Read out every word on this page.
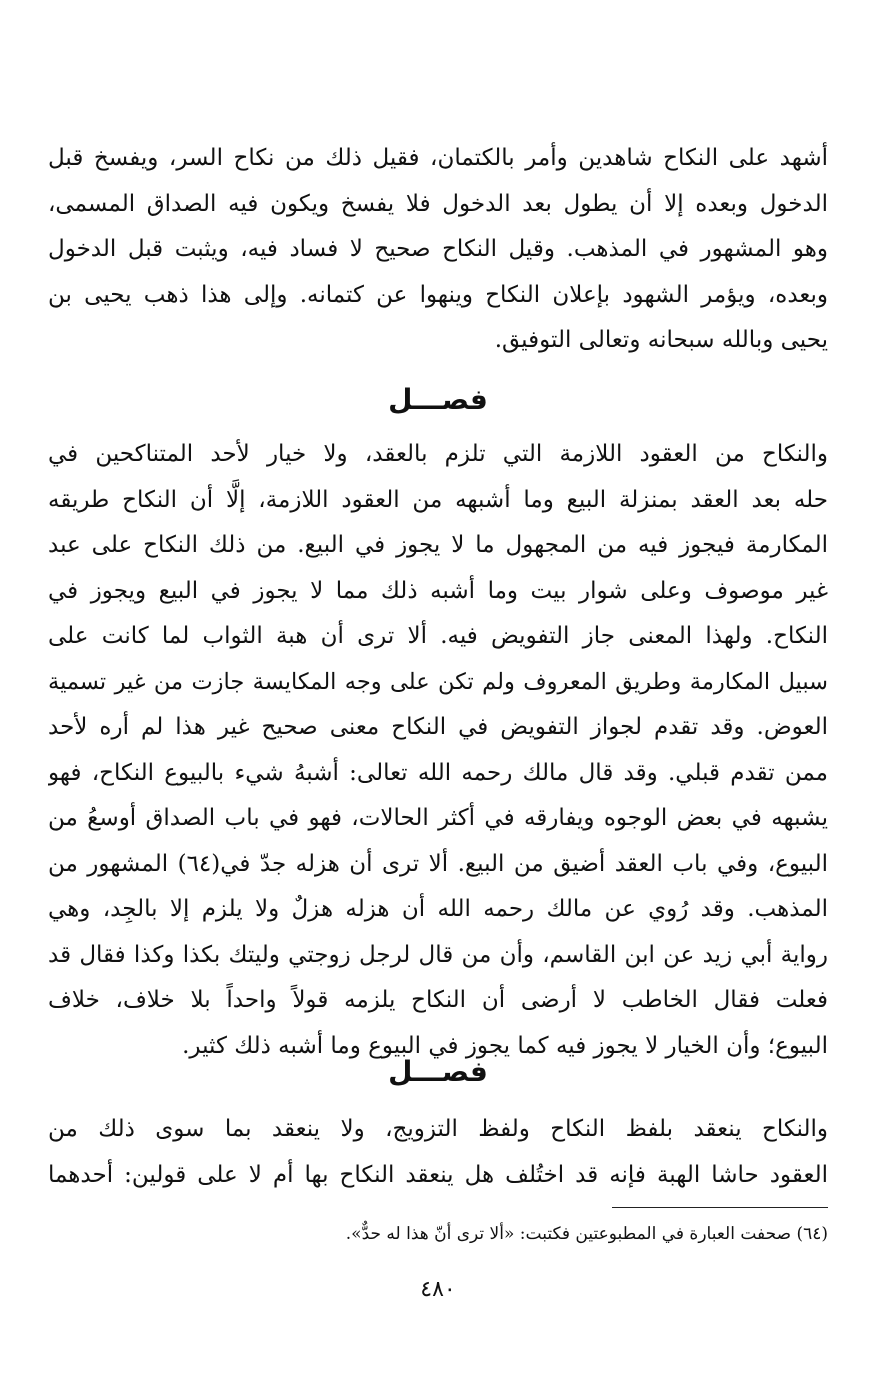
أشهد على النكاح شاهدين وأمر بالكتمان، فقيل ذلك من نكاح السر، ويفسخ قبل
الدخول وبعده إلا أن يطول بعد الدخول فلا يفسخ ويكون فيه الصداق المسمى،
وهو المشهور في المذهب. وقيل النكاح صحيح لا فساد فيه، ويثبت قبل الدخول
وبعده، ويؤمر الشهود بإعلان النكاح وينهوا عن كتمانه. وإلى هذا ذهب يحيى بن
يحيى وبالله سبحانه وتعالى التوفيق.
فصـــل
والنكاح من العقود اللازمة التي تلزم بالعقد، ولا خيار لأحد المتناكحين في
حله بعد العقد بمنزلة البيع وما أشبهه من العقود اللازمة، إلَّا أن النكاح طريقه
المكارمة فيجوز فيه من المجهول ما لا يجوز في البيع. من ذلك النكاح على عبد
غير موصوف وعلى شوار بيت وما أشبه ذلك مما لا يجوز في البيع ويجوز في
النكاح. ولهذا المعنى جاز التفويض فيه. ألا ترى أن هبة الثواب لما كانت على
سبيل المكارمة وطريق المعروف ولم تكن على وجه المكايسة جازت من غير تسمية
العوض. وقد تقدم لجواز التفويض في النكاح معنى صحيح غير هذا لم أره لأحد
ممن تقدم قبلي. وقد قال مالك رحمه الله تعالى: أشبهُ شيء بالبيوع النكاح، فهو
يشبهه في بعض الوجوه ويفارقه في أكثر الحالات، فهو في باب الصداق أوسعُ من
البيوع، وفي باب العقد أضيق من البيع. ألا ترى أن هزله جدّ في(٦٤) المشهور من
المذهب. وقد رُوي عن مالك رحمه الله أن هزله هزلٌ ولا يلزم إلا بالجِد، وهي
رواية أبي زيد عن ابن القاسم، وأن من قال لرجل زوجتي وليتك بكذا وكذا فقال قد
فعلت فقال الخاطب لا أرضى أن النكاح يلزمه قولاً واحداً بلا خلاف، خلاف
البيوع؛ وأن الخيار لا يجوز فيه كما يجوز في البيوع وما أشبه ذلك كثير.
فصـــل
والنكاح ينعقد بلفظ النكاح ولفظ التزويج، ولا ينعقد بما سوى ذلك من
العقود حاشا الهبة فإنه قد اختُلف هل ينعقد النكاح بها أم لا على قولين: أحدهما
(٦٤) صحفت العبارة في المطبوعتين فكتبت: «ألا ترى أنّ هذا له حدٌّ».
٤٨٠
